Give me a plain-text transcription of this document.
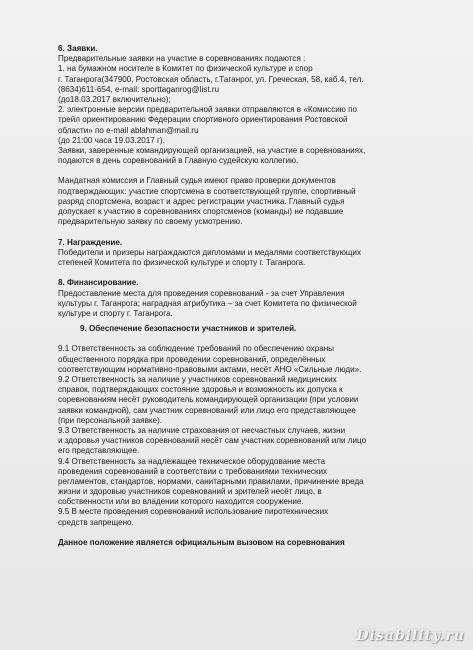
6. Заявки.
Предварительные заявки на участие в соревнованиях подаются :
1. на бумажном носителе в Комитет по физической культуре и спор
г. Таганрога(347900, Ростовская область, г.Таганрог, ул. Греческая, 58, каб.4, тел.
(8634)611-654, e-mail: sporttaganrog@list.ru
(до18.03.2017 включительно);
2. электронные версии предварительной заявки отправляются в «Комиссию по
трейл ориентированию Федерации спортивного ориентирования Ростовской
области» по e-mail ablahman@mail.ru
(до 21:00 часа 19.03.2017 г).
Заявки, заверенные командирующей организацией, на участие в соревнованиях,
подаются в день соревнований в Главную судейскую коллегию.
Мандатная комиссия и Главный судья имеют право проверки документов
подтверждающих: участие спортсмена в соответствующей группе, спортивный
разряд спортсмена, возраст и адрес регистрации участника. Главный судья
допускает к участию в соревнованиях спортсменов (команды) не подавшие
предварительную заявку по своему усмотрению.
7. Награждение.
Победители и призеры награждаются дипломами и медалями соответствующих
степеней Комитета по физической культуре и спорту г. Таганрога.
8. Финансирование.
Предоставление места для проведения соревнований - за счет Управления
культуры г. Таганрога; наградная атрибутика – за счет Комитета по физической
культуре и спорту г. Таганрога.
9. Обеспечение безопасности участников и зрителей.
9.1 Ответственность за соблюдение требований по обеспечению охраны
общественного порядка при проведении соревнований, определённых
соответствующим нормативно-правовыми актами, несёт АНО «Сильные люди».
9.2 Ответственность за наличие у участников соревнований медицинских
справок, подтверждающих состояние здоровья и возможность их допуска к
соревнованиям несёт руководитель командирующей организации (при условии
заявки командной), сам участник соревнований или лицо его представляющее
(при персональной заявке).
9.3 Ответственность за наличие страхования от несчастных случаев, жизни
и здоровья участников соревнований несёт сам участник соревнований или лицо
его представляющее.
9.4 Ответственность за надлежащее техническое оборудование места
проведения соревнований в соответствии с требованиями технических
регламентов, стандартов, нормами, санитарными правилами, причинение вреда
жизни и здоровью участников соревнований и зрителей несёт лицо, в
собственности или во владении которого находится сооружение.
9.5 В месте проведения соревнований использование пиротехнических
средств запрещено.
Данное положение является официальным вызовом на соревнования
Disability.ru
